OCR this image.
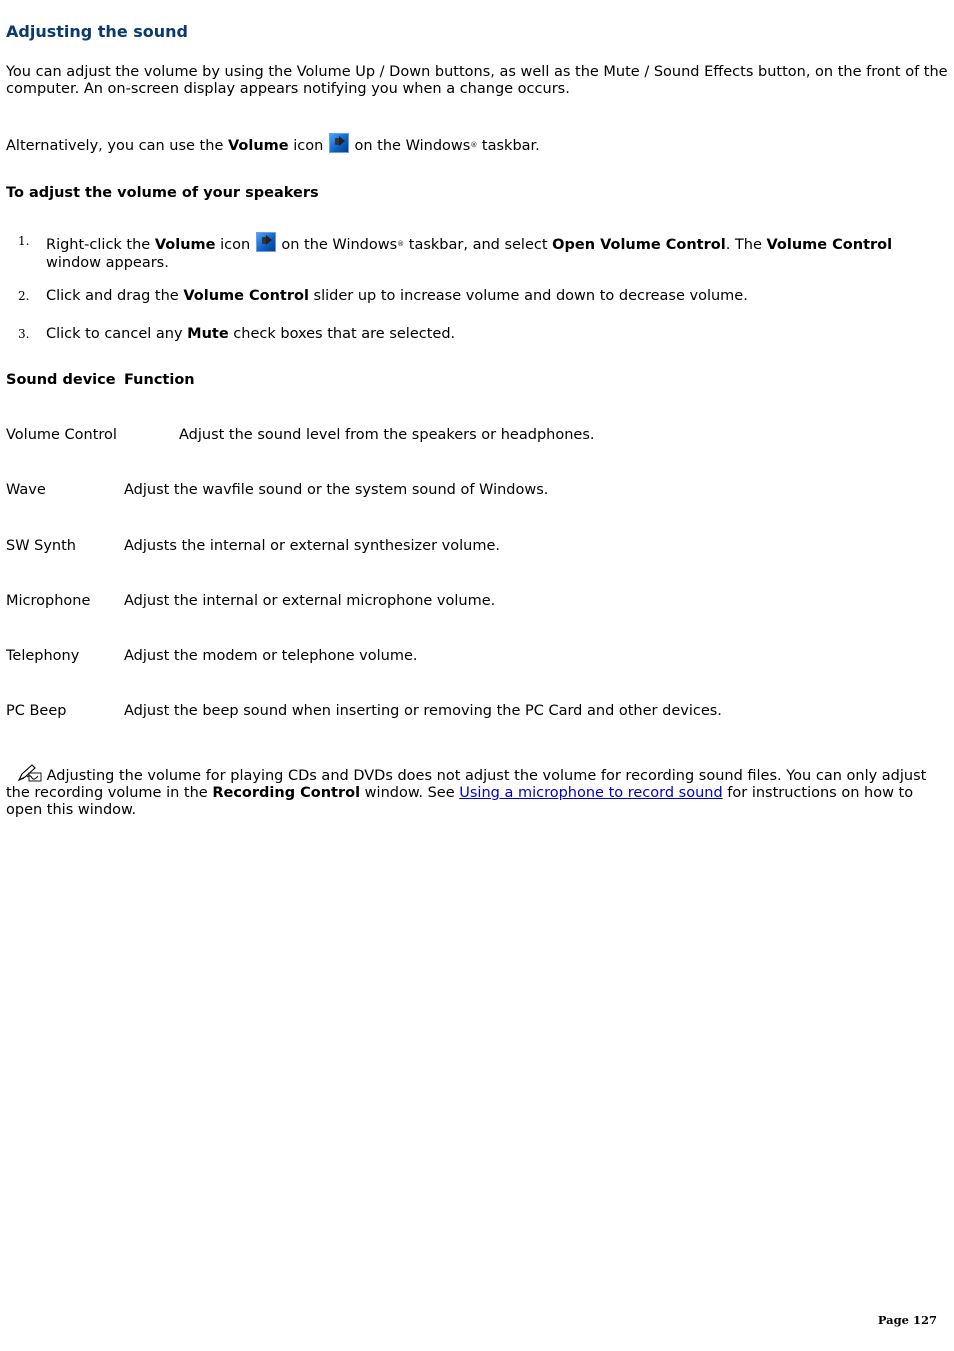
Adjusting the sound
You can adjust the volume by using the Volume Up / Down buttons, as well as the Mute / Sound Effects button, on the front of the computer. An on-screen display appears notifying you when a change occurs.
Alternatively, you can use the Volume icon  on the Windows® taskbar.
To adjust the volume of your speakers
1. Right-click the Volume icon  on the Windows® taskbar, and select Open Volume Control. The Volume Control window appears.
2. Click and drag the Volume Control slider up to increase volume and down to decrease volume.
3. Click to cancel any Mute check boxes that are selected.
Sound device Function
Volume Control	Adjust the sound level from the speakers or headphones.
Wave	Adjust the wavfile sound or the system sound of Windows.
SW Synth	Adjusts the internal or external synthesizer volume.
Microphone Adjust the internal or external microphone volume.
Telephony	Adjust the modem or telephone volume.
PC Beep	Adjust the beep sound when inserting or removing the PC Card and other devices.
Adjusting the volume for playing CDs and DVDs does not adjust the volume for recording sound files. You can only adjust the recording volume in the Recording Control window. See Using a microphone to record sound for instructions on how to open this window.
Page 127
